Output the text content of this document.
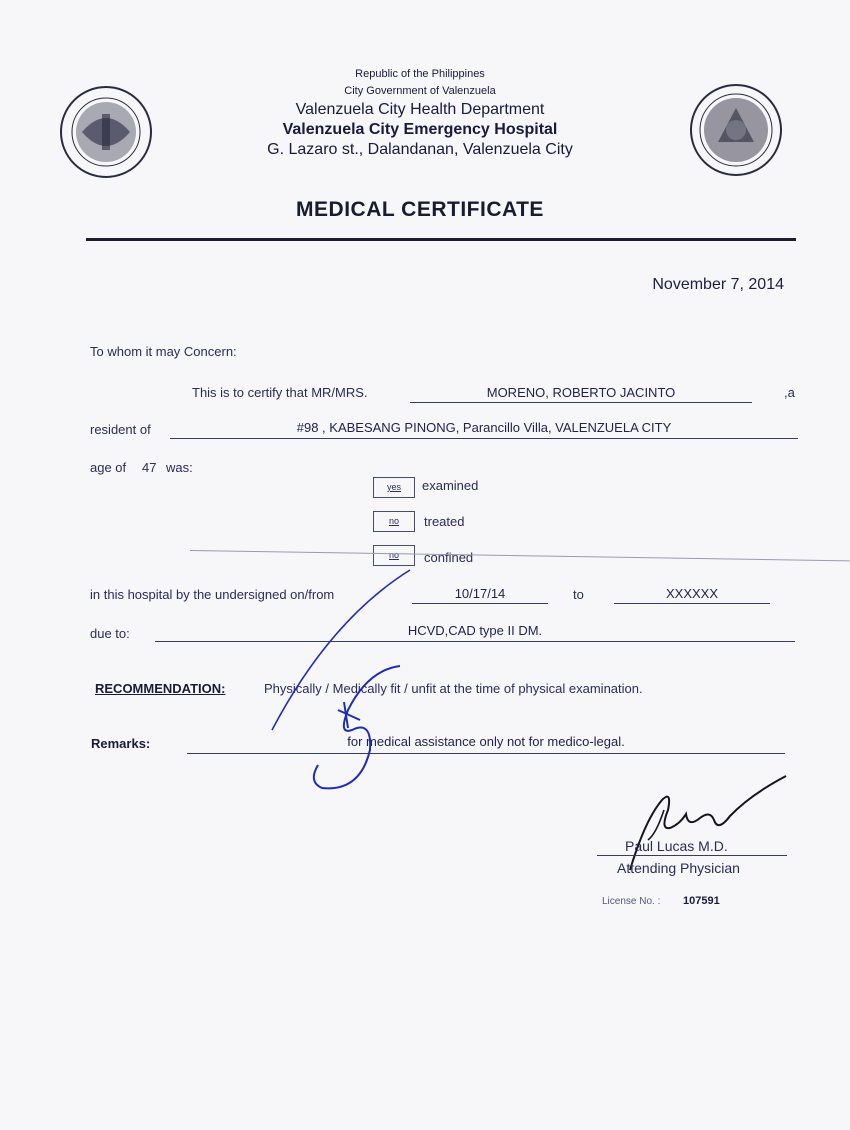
Republic of the Philippines
City Government of Valenzuela
Valenzuela City Health Department
Valenzuela City Emergency Hospital
G. Lazaro st., Dalandanan, Valenzuela City
MEDICAL CERTIFICATE
November 7, 2014
To whom it may Concern:
This is to certify that MR/MRS.	MORENO, ROBERTO JACINTO	,a
resident of	#98 , KABESANG PINONG, Parancillo Villa, VALENZUELA CITY
age of 47 was:
yes	examined
no	treated
no	confined
in this hospital by the undersigned on/from	10/17/14	to	XXXXXX
due to:	HCVD,CAD type II DM.
RECOMMENDATION:	Physically / Medically fit / unfit at the time of physical examination.
Remarks:	for medical assistance only not for medico-legal.
Paul Lucas M.D.
Attending Physician
License No. : 107591
